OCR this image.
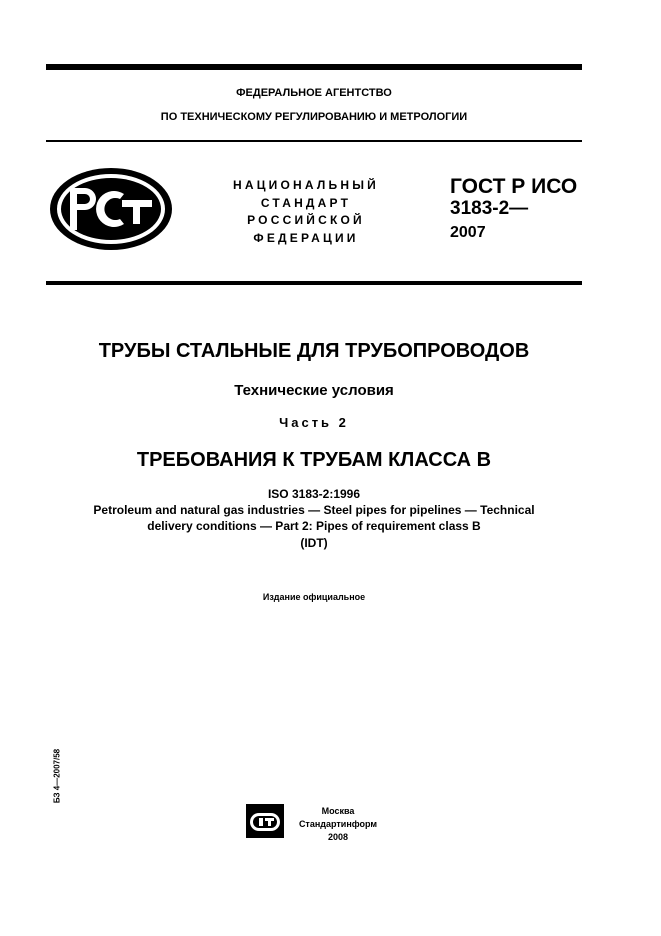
ФЕДЕРАЛЬНОЕ АГЕНТСТВО
ПО ТЕХНИЧЕСКОМУ РЕГУЛИРОВАНИЮ И МЕТРОЛОГИИ
НАЦИОНАЛЬНЫЙ
СТАНДАРТ
РОССИЙСКОЙ
ФЕДЕРАЦИИ
ГОСТ Р ИСО
3183-2—
2007
ТРУБЫ СТАЛЬНЫЕ ДЛЯ ТРУБОПРОВОДОВ
Технические условия
Часть 2
ТРЕБОВАНИЯ К ТРУБАМ КЛАССА В
ISO 3183-2:1996
Petroleum and natural gas industries — Steel pipes for pipelines — Technical
delivery conditions — Part 2: Pipes of requirement class B
(IDT)
Издание официальное
БЗ 4—2007/58
Москва
Стандартинформ
2008
